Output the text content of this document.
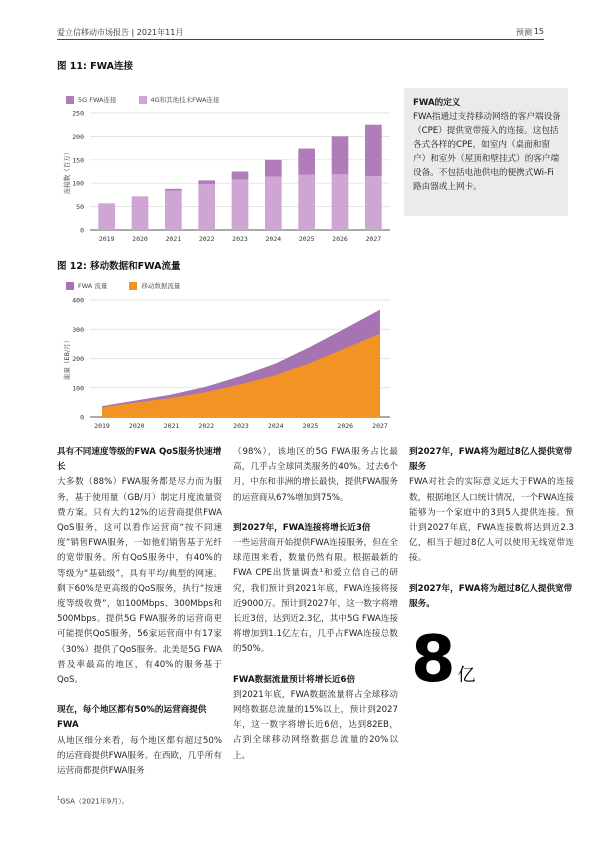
爱立信移动市场报告 | 2021年11月	预测 15
图 11: FWA连接
5G FWA连接	4G和其他技术FWA连接
0
50
100
150
200
250
2019	2020	2021	2022	2023	2024	2025	2026	2027
连接数（百万）
FWA的定义

FWA指通过支持移动网络的客户端设备（CPE）提供宽带接入的连接。这包括各式各样的CPE，如室内（桌面和窗户）和室外（屋顶和壁挂式）的客户端设备。不包括电池供电的便携式Wi-Fi路由器或上网卡。

图 12: 移动数据和FWA流量
FWA 流量	移动数据流量
0
100
200
300
400
2019	2020	2021	2022	2023	2024	2025	2026	2027
流量（EB/月）
具有不同速度等级的FWA QoS服务快速增长

大多数（88%）FWA服务都是尽力而为服务，基于使用量（GB/月）制定月度流量资费方案。只有大约12%的运营商提供FWA QoS服务，这可以看作运营商“按不同速度”销售FWA服务，一如他们销售基于光纤的宽带服务。所有QoS服务中，有40%的等级为“基础级”，具有平均/典型的网速。剩下60%是更高级的QoS服务，执行“按速度等级收费”，如100Mbps、300Mbps和500Mbps。提供5G FWA服务的运营商更可能提供QoS服务，56家运营商中有17家（30%）提供了QoS服务。北美是5G FWA普及率最高的地区，有40%的服务基于QoS。

现在，每个地区都有50%的运营商提供FWA

从地区细分来看，每个地区都有超过50%的运营商提供FWA服务。在西欧，几乎所有运营商都提供FWA服务

（98%），该地区的5G FWA服务占比最高，几乎占全球同类服务的40%。过去6个月，中东和非洲的增长最快，提供FWA服务的运营商从67%增加到75%。

到2027年，FWA连接将增长近3倍

一些运营商开始提供FWA连接服务，但在全球范围来看，数量仍然有限。根据最新的FWA CPE出货量调查¹和爱立信自己的研究，我们预计到2021年底，FWA连接将接近9000万。预计到2027年，这一数字将增长近3倍，达到近2.3亿，其中5G FWA连接将增加到1.1亿左右，几乎占FWA连接总数的50%。

FWA数据流量预计将增长近6倍

到2021年底，FWA数据流量将占全球移动网络数据总流量的15%以上，预计到2027年，这一数字将增长近6倍，达到82EB，占到全球移动网络数据总流量的20%以上。

到2027年，FWA将为超过8亿人提供宽带服务

FWA对社会的实际意义远大于FWA的连接数，根据地区人口统计情况，一个FWA连接能够为一个家庭中的3到5人提供连接。预计到2027年底，FWA连接数将达到近2.3亿，相当于超过8亿人可以使用无线宽带连接。

到2027年，FWA将为超过8亿人提供宽带服务。
8 亿
$^1$GSA（2021年9月）。
